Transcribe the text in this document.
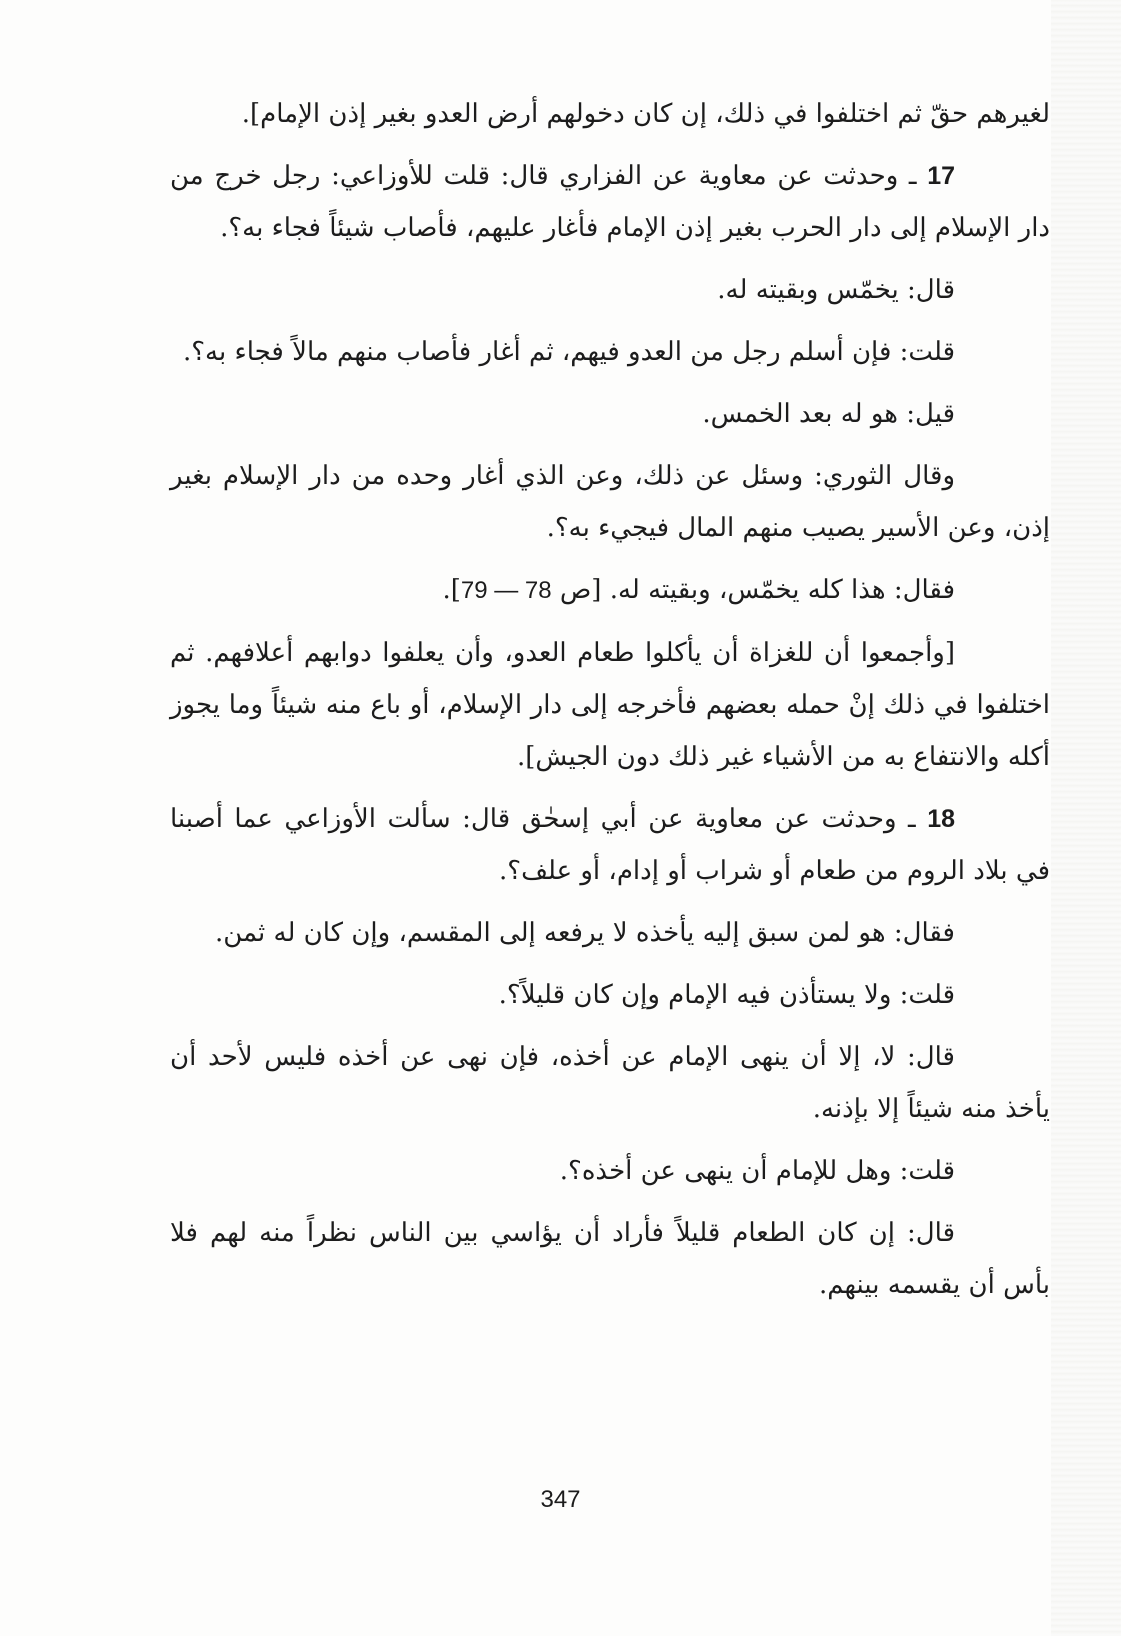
لغيرهم حقّ ثم اختلفوا في ذلك، إن كان دخولهم أرض العدو بغير إذن الإمام].

17 ـ وحدثت عن معاوية عن الفزاري قال: قلت للأوزاعي: رجل خرج من دار الإسلام إلى دار الحرب بغير إذن الإمام فأغار عليهم، فأصاب شيئاً فجاء به؟.

قال: يخمّس وبقيته له.

قلت: فإن أسلم رجل من العدو فيهم، ثم أغار فأصاب منهم مالاً فجاء به؟.

قيل: هو له بعد الخمس.

وقال الثوري: وسئل عن ذلك، وعن الذي أغار وحده من دار الإسلام بغير إذن، وعن الأسير يصيب منهم المال فيجيء به؟.

فقال: هذا كله يخمّس، وبقيته له. [ص 78 — 79].

[وأجمعوا أن للغزاة أن يأكلوا طعام العدو، وأن يعلفوا دوابهم أعلافهم. ثم اختلفوا في ذلك إنْ حمله بعضهم فأخرجه إلى دار الإسلام، أو باع منه شيئاً وما يجوز أكله والانتفاع به من الأشياء غير ذلك دون الجيش].

18 ـ وحدثت عن معاوية عن أبي إسحٰق قال: سألت الأوزاعي عما أصبنا في بلاد الروم من طعام أو شراب أو إدام، أو علف؟.

فقال: هو لمن سبق إليه يأخذه لا يرفعه إلى المقسم، وإن كان له ثمن.

قلت: ولا يستأذن فيه الإمام وإن كان قليلاً؟.

قال: لا، إلا أن ينهى الإمام عن أخذه، فإن نهى عن أخذه فليس لأحد أن يأخذ منه شيئاً إلا بإذنه.

قلت: وهل للإمام أن ينهى عن أخذه؟.

قال: إن كان الطعام قليلاً فأراد أن يؤاسي بين الناس نظراً منه لهم فلا بأس أن يقسمه بينهم.

347
